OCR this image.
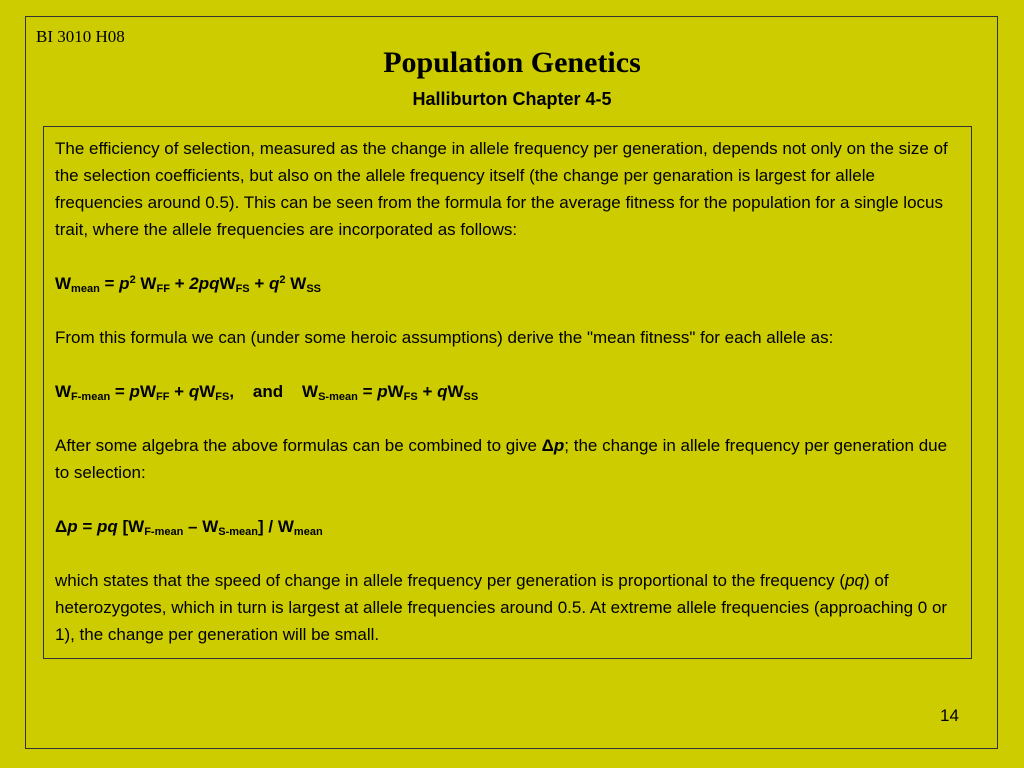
BI 3010 H08
Population Genetics
Halliburton Chapter 4-5

The efficiency of selection, measured as the change in allele frequency per generation, depends not only on the size of the selection coefficients, but also on the allele frequency itself (the change per genaration is largest for allele frequencies around 0.5). This can be seen from the formula for the average fitness for the population for a single locus trait, where the allele frequencies are incorporated as follows:

$W_{mean} = p^2$ $W_{FF} + 2pqW_{FS} + q^2$ $W_{SS}$

From this formula we can (under some heroic assumptions) derive the "mean fitness" for each allele as:

$W_{F-mean} = pW_{FF} + qW_{FS}$,    and    $W_{S-mean} = pW_{FS} + qW_{SS}$

After some algebra the above formulas can be combined to give Δp; the change in allele frequency per generation due to selection:

Δp = pq $[W_{F-mean} - W_{S-mean}] / W_{mean}$

which states that the speed of change in allele frequency per generation is proportional to the frequency (pq) of heterozygotes, which in turn is largest at allele frequencies around 0.5. At extreme allele frequencies (approaching 0 or 1), the change per generation will be small.

14
